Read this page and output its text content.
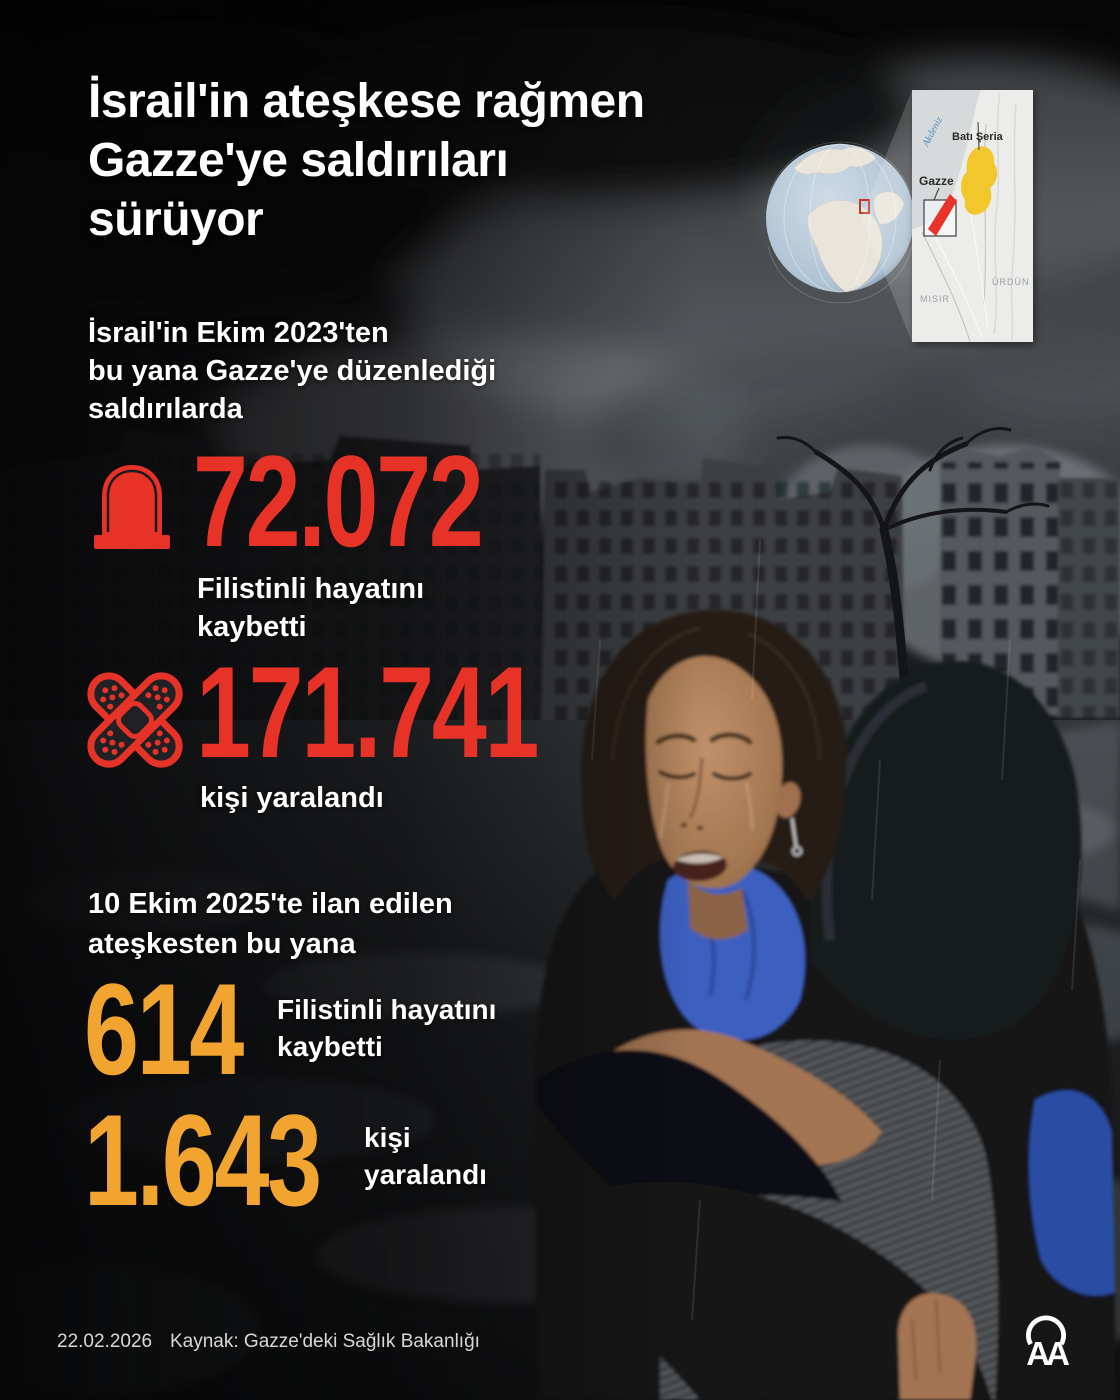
Batı Şeria
Gazze
ÜRDÜN
MISIR
Akdeniz
İsrail'in ateşkese rağmen
Gazze'ye saldırıları
sürüyor
İsrail'in Ekim 2023'ten
bu yana Gazze'ye düzenlediği
saldırılarda
72.072
Filistinli hayatını
kaybetti
171.741
kişi yaralandı
10 Ekim 2025'te ilan edilen
ateşkesten bu yana
614 Filistinli hayatını
kaybetti
1.643 kişi
yaralandı
22.02.2026 Kaynak: Gazze'deki Sağlık Bakanlığı	AA
